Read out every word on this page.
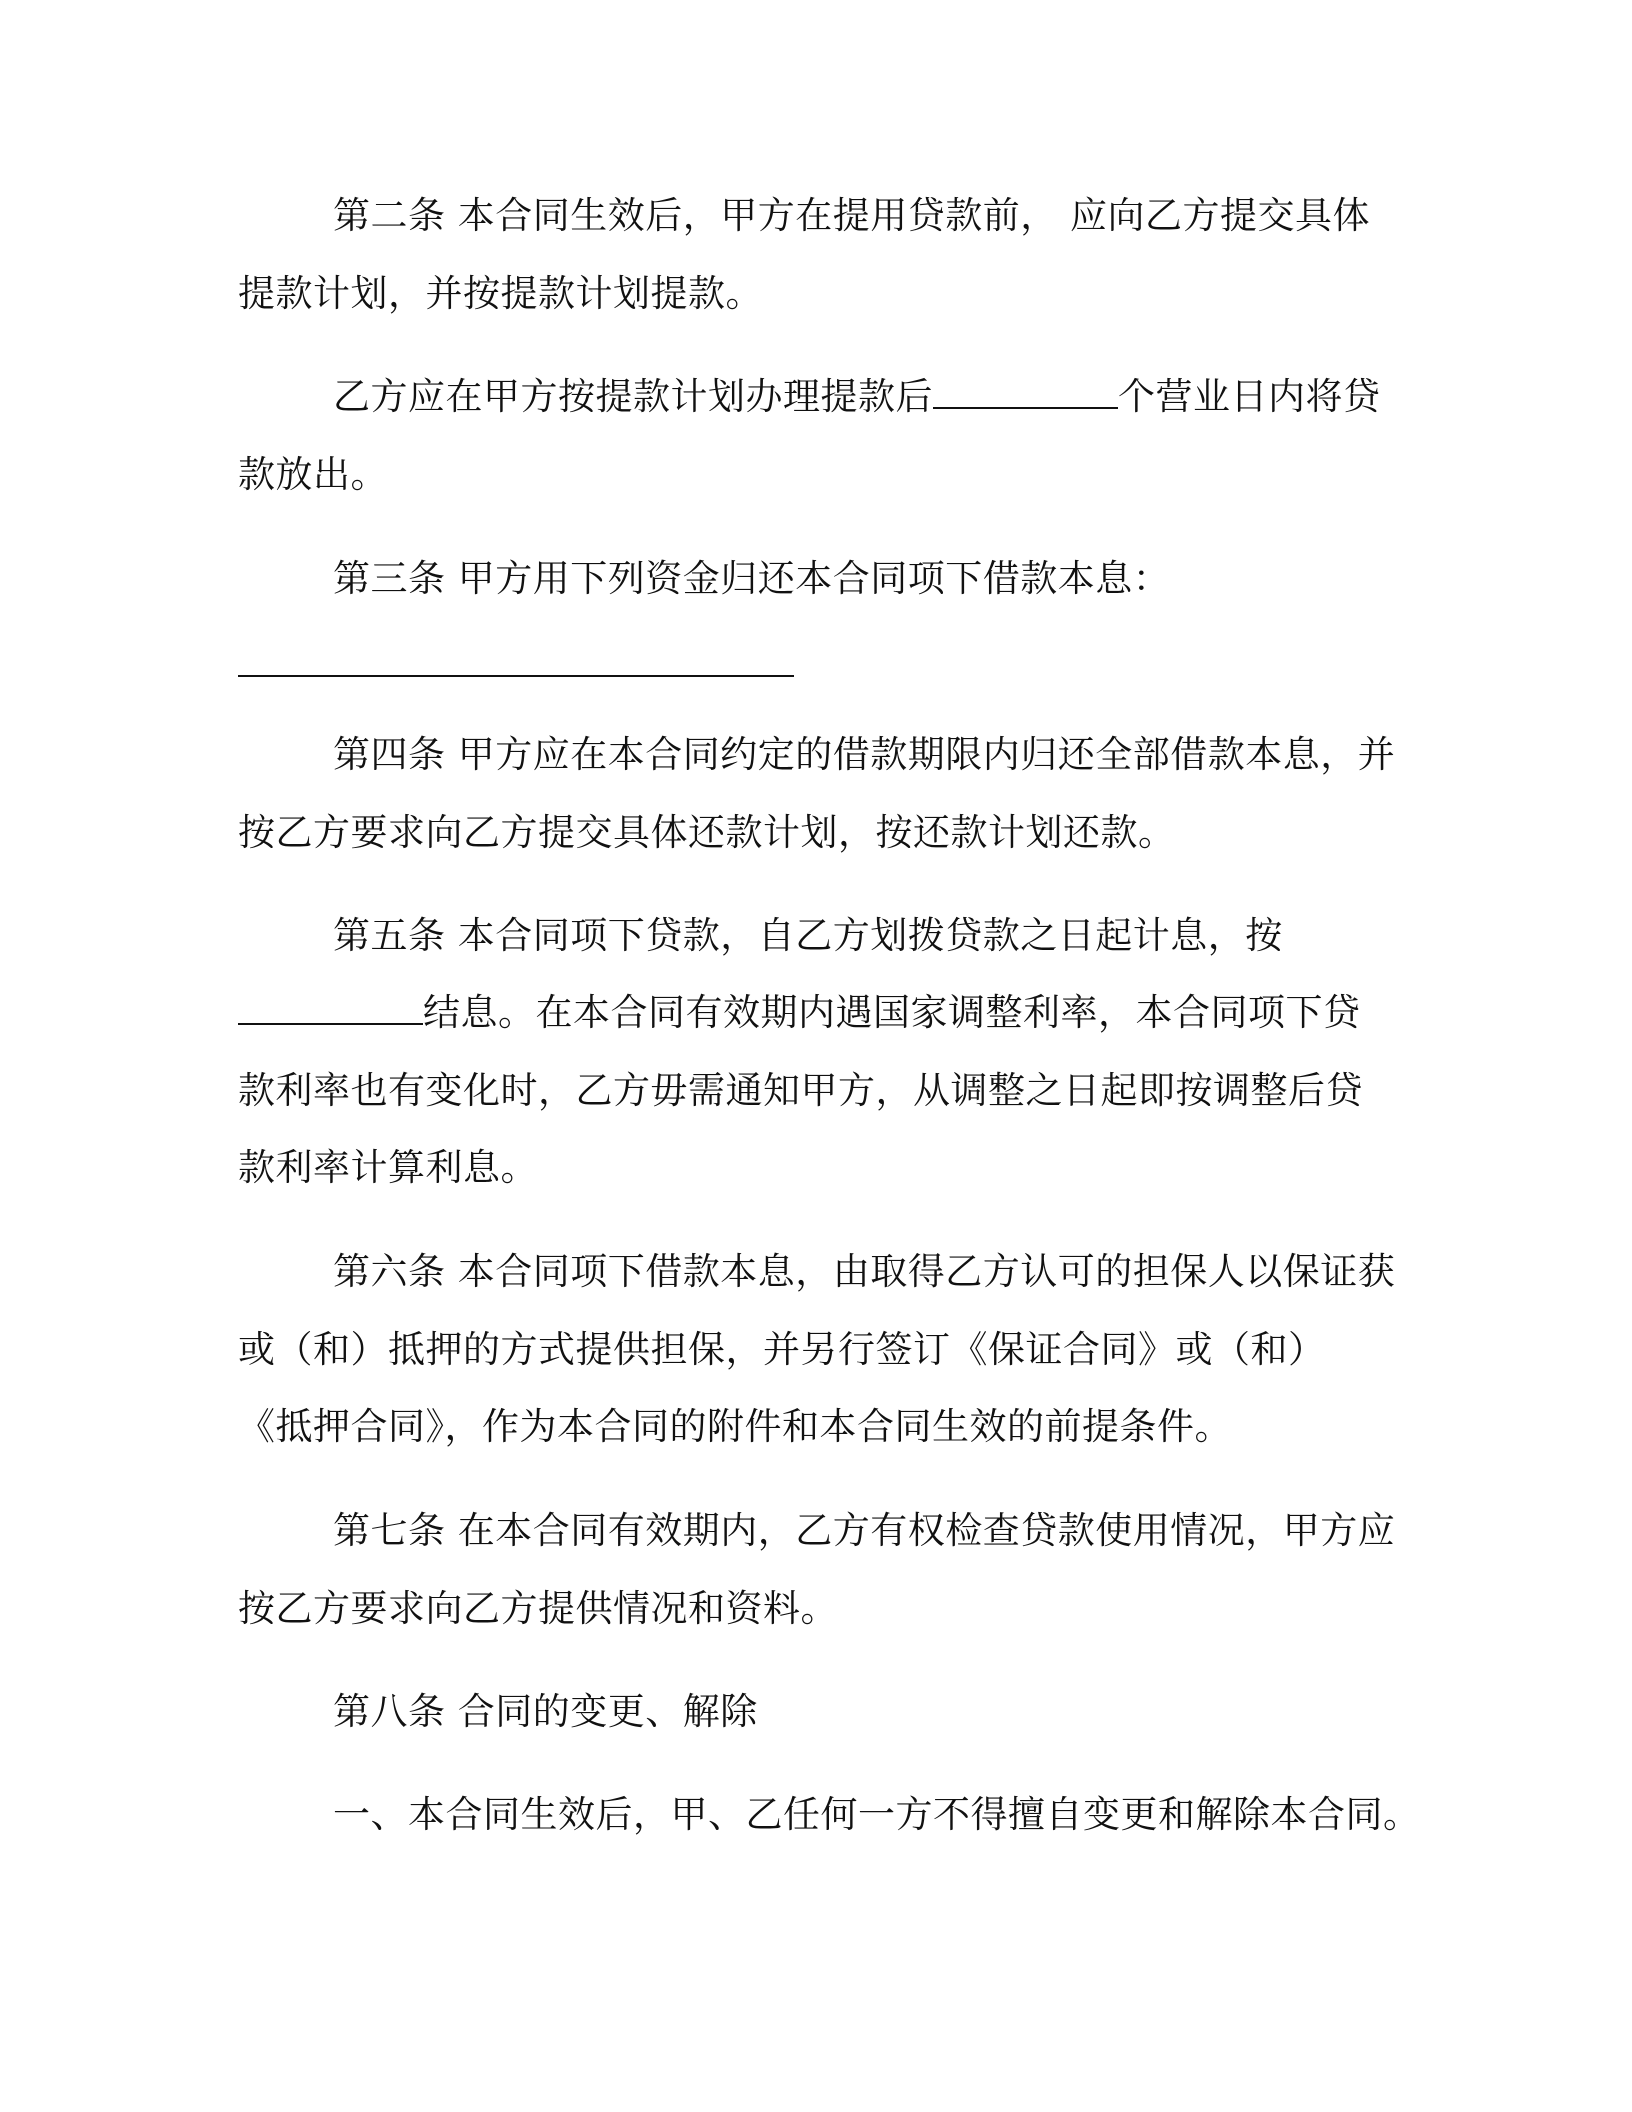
第二条 本合同生效后，甲方在提用贷款前， 应向乙方提交具体
提款计划，并按提款计划提款。
乙方应在甲方按提款计划办理提款后	个营业日内将贷
款放出。
第三条 甲方用下列资金归还本合同项下借款本息：
第四条 甲方应在本合同约定的借款期限内归还全部借款本息，并
按乙方要求向乙方提交具体还款计划，按还款计划还款。
第五条 本合同项下贷款，自乙方划拨贷款之日起计息，按
结息。在本合同有效期内遇国家调整利率，本合同项下贷
款利率也有变化时，乙方毋需通知甲方，从调整之日起即按调整后贷
款利率计算利息。
第六条 本合同项下借款本息，由取得乙方认可的担保人以保证获
或（和）抵押的方式提供担保，并另行签订《保证合同》或（和）
《抵押合同》，作为本合同的附件和本合同生效的前提条件。
第七条 在本合同有效期内，乙方有权检查贷款使用情况，甲方应
按乙方要求向乙方提供情况和资料。
第八条 合同的变更、解除
一、本合同生效后，甲、乙任何一方不得擅自变更和解除本合同。
